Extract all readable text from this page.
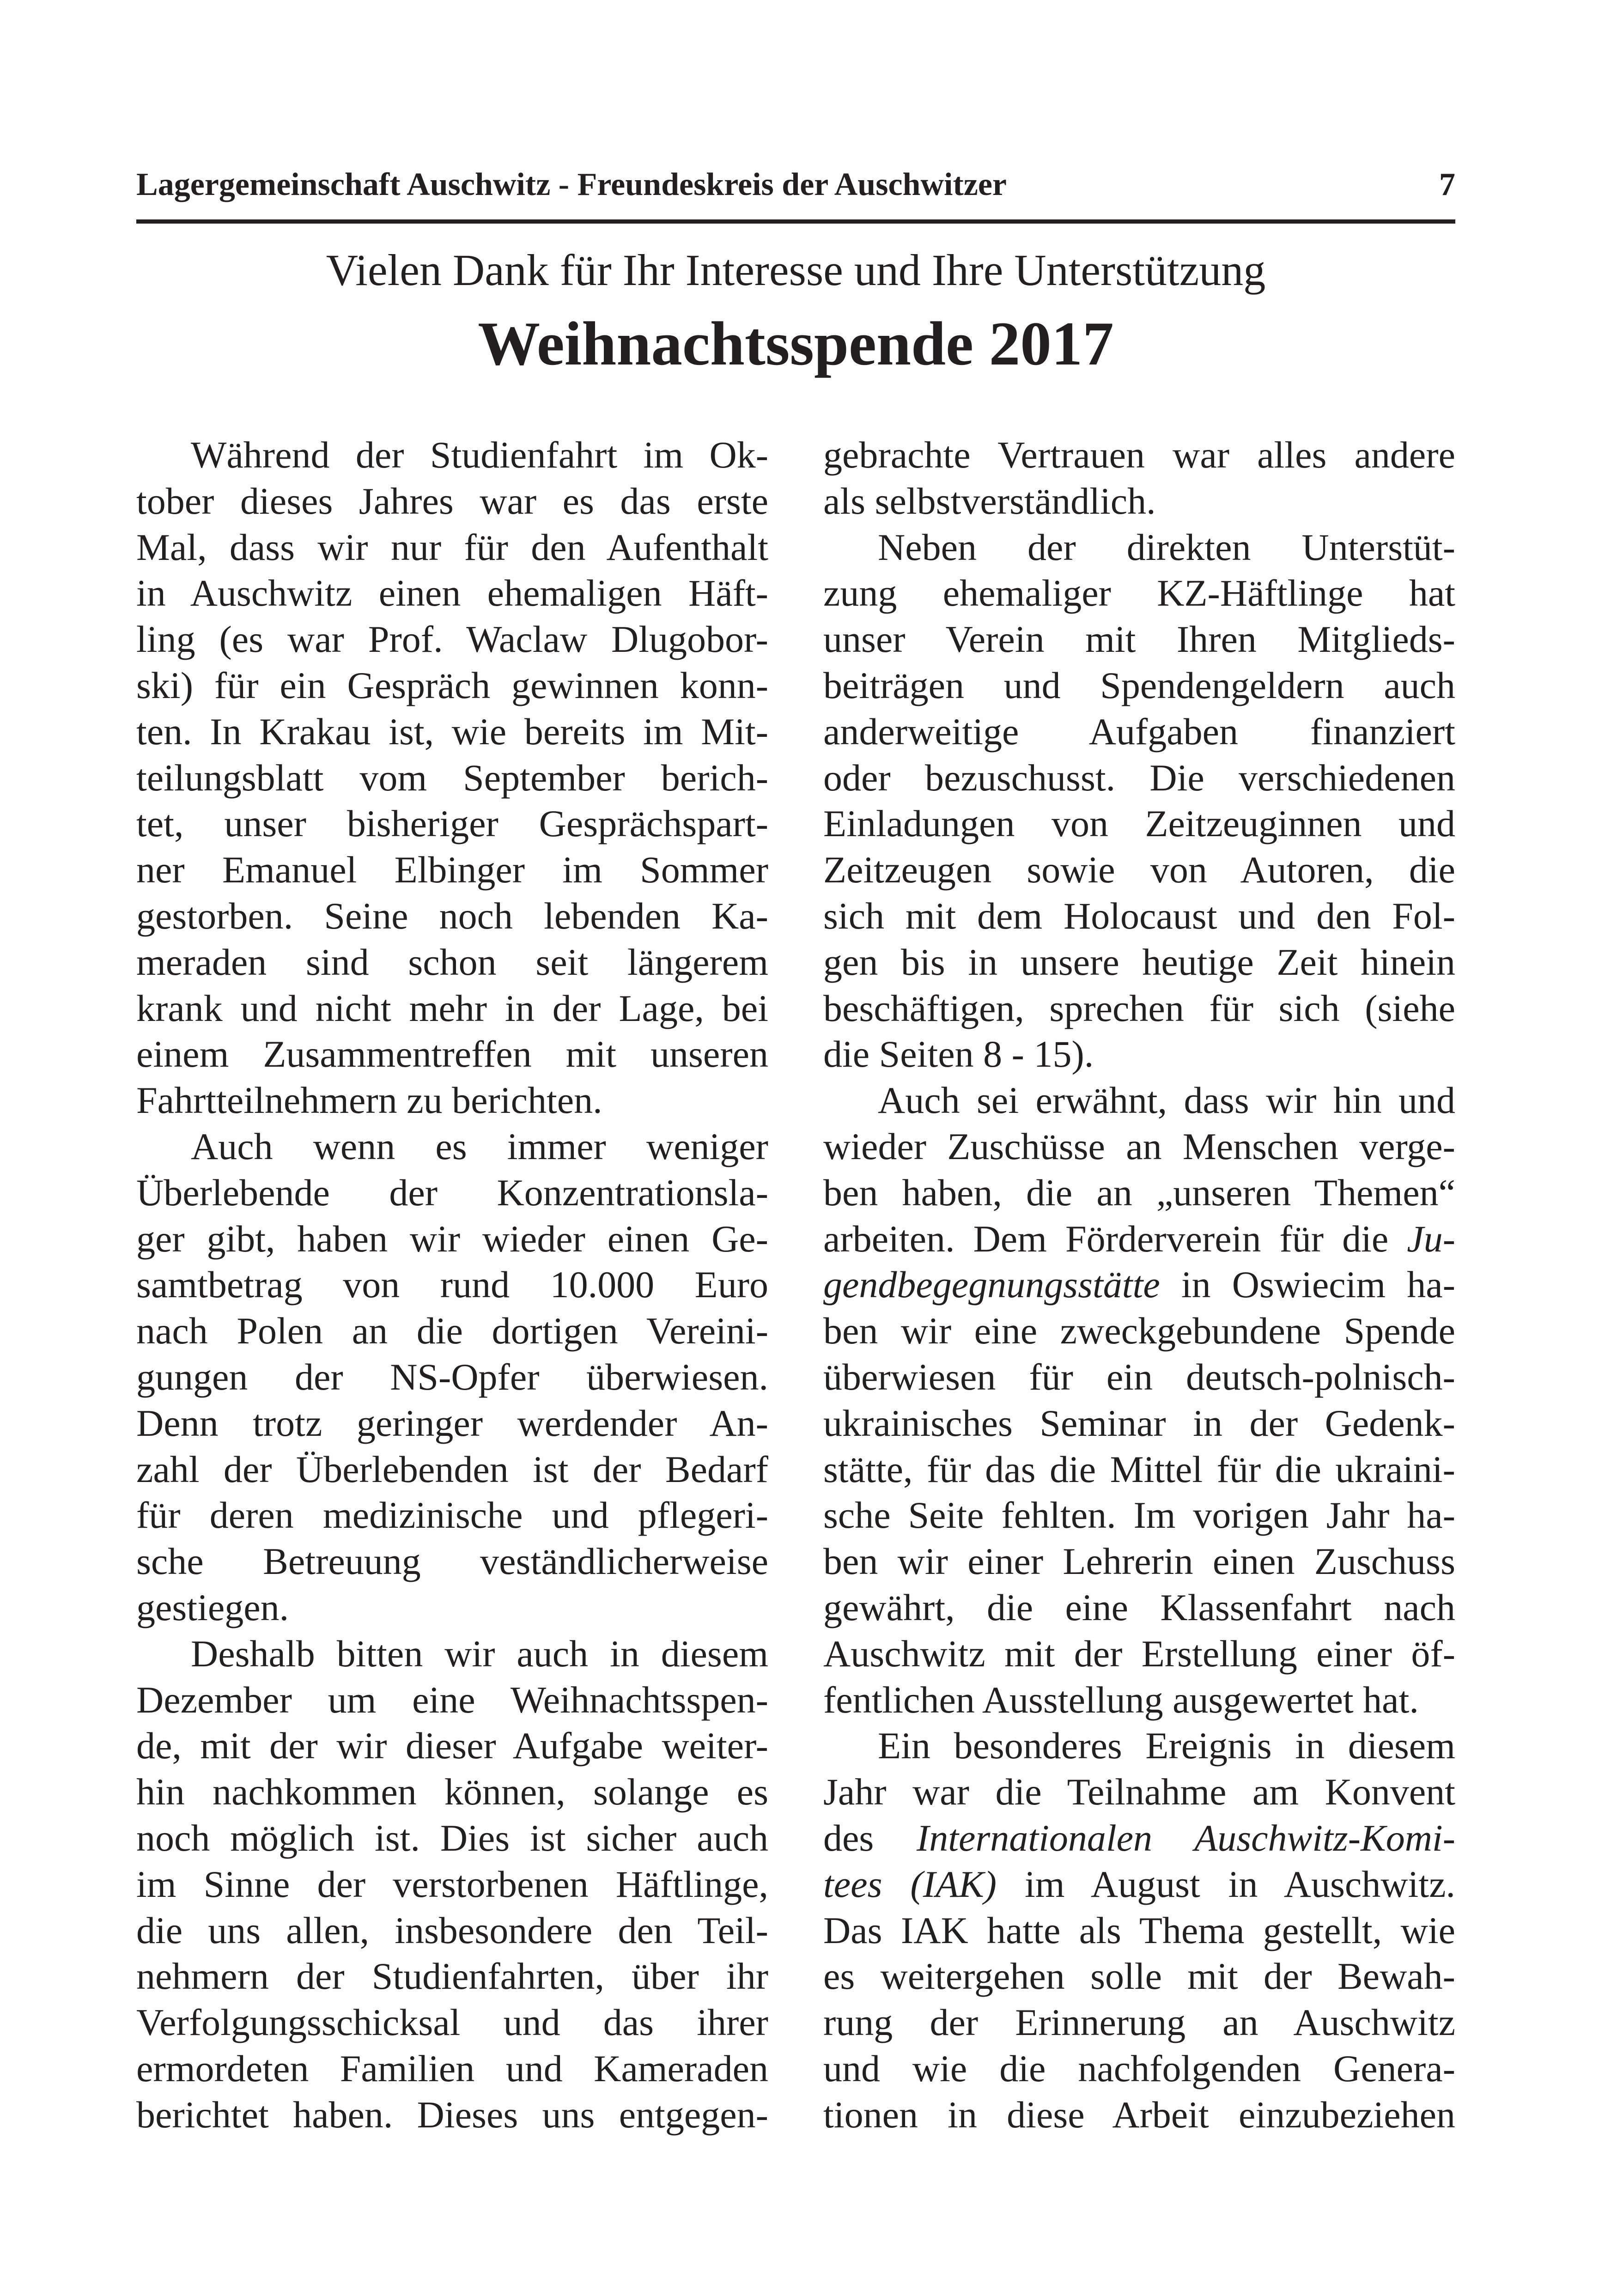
Lagergemeinschaft Auschwitz - Freundeskreis der Auschwitzer	7
Vielen Dank für Ihr Interesse und Ihre Unterstützung
Weihnachtsspende 2017
Während der Studienfahrt im Ok-
tober dieses Jahres war es das erste
Mal, dass wir nur für den Aufenthalt
in Auschwitz einen ehemaligen Häft-
ling (es war Prof. Waclaw Dlugobor-
ski) für ein Gespräch gewinnen konn-
ten. In Krakau ist, wie bereits im Mit-
teilungsblatt vom September berich-
tet, unser bisheriger Gesprächspart-
ner Emanuel Elbinger im Sommer
gestorben. Seine noch lebenden Ka-
meraden sind schon seit längerem
krank und nicht mehr in der Lage, bei
einem Zusammentreffen mit unseren
Fahrtteilnehmern zu berichten.
Auch wenn es immer weniger
Überlebende der Konzentrationsla-
ger gibt, haben wir wieder einen Ge-
samtbetrag von rund 10.000 Euro
nach Polen an die dortigen Vereini-
gungen der NS-Opfer überwiesen.
Denn trotz geringer werdender An-
zahl der Überlebenden ist der Bedarf
für deren medizinische und pflegeri-
sche Betreuung veständlicherweise
gestiegen.
Deshalb bitten wir auch in diesem
Dezember um eine Weihnachtsspen-
de, mit der wir dieser Aufgabe weiter-
hin nachkommen können, solange es
noch möglich ist. Dies ist sicher auch
im Sinne der verstorbenen Häftlinge,
die uns allen, insbesondere den Teil-
nehmern der Studienfahrten, über ihr
Verfolgungsschicksal und das ihrer
ermordeten Familien und Kameraden
berichtet haben. Dieses uns entgegen-
gebrachte Vertrauen war alles andere
als selbstverständlich.
Neben der direkten Unterstüt-
zung ehemaliger KZ-Häftlinge hat
unser Verein mit Ihren Mitglieds-
beiträgen und Spendengeldern auch
anderweitige Aufgaben finanziert
oder bezuschusst. Die verschiedenen
Einladungen von Zeitzeuginnen und
Zeitzeugen sowie von Autoren, die
sich mit dem Holocaust und den Fol-
gen bis in unsere heutige Zeit hinein
beschäftigen, sprechen für sich (siehe
die Seiten 8 - 15).
Auch sei erwähnt, dass wir hin und
wieder Zuschüsse an Menschen verge-
ben haben, die an „unseren Themen“
arbeiten. Dem Förderverein für die Ju-
gendbegegnungsstätte in Oswiecim ha-
ben wir eine zweckgebundene Spende
überwiesen für ein deutsch-polnisch-
ukrainisches Seminar in der Gedenk-
stätte, für das die Mittel für die ukraini-
sche Seite fehlten. Im vorigen Jahr ha-
ben wir einer Lehrerin einen Zuschuss
gewährt, die eine Klassenfahrt nach
Auschwitz mit der Erstellung einer öf-
fentlichen Ausstellung ausgewertet hat.
Ein besonderes Ereignis in diesem
Jahr war die Teilnahme am Konvent
des Internationalen Auschwitz-Komi-
tees (IAK) im August in Auschwitz.
Das IAK hatte als Thema gestellt, wie
es weitergehen solle mit der Bewah-
rung der Erinnerung an Auschwitz
und wie die nachfolgenden Genera-
tionen in diese Arbeit einzubeziehen
